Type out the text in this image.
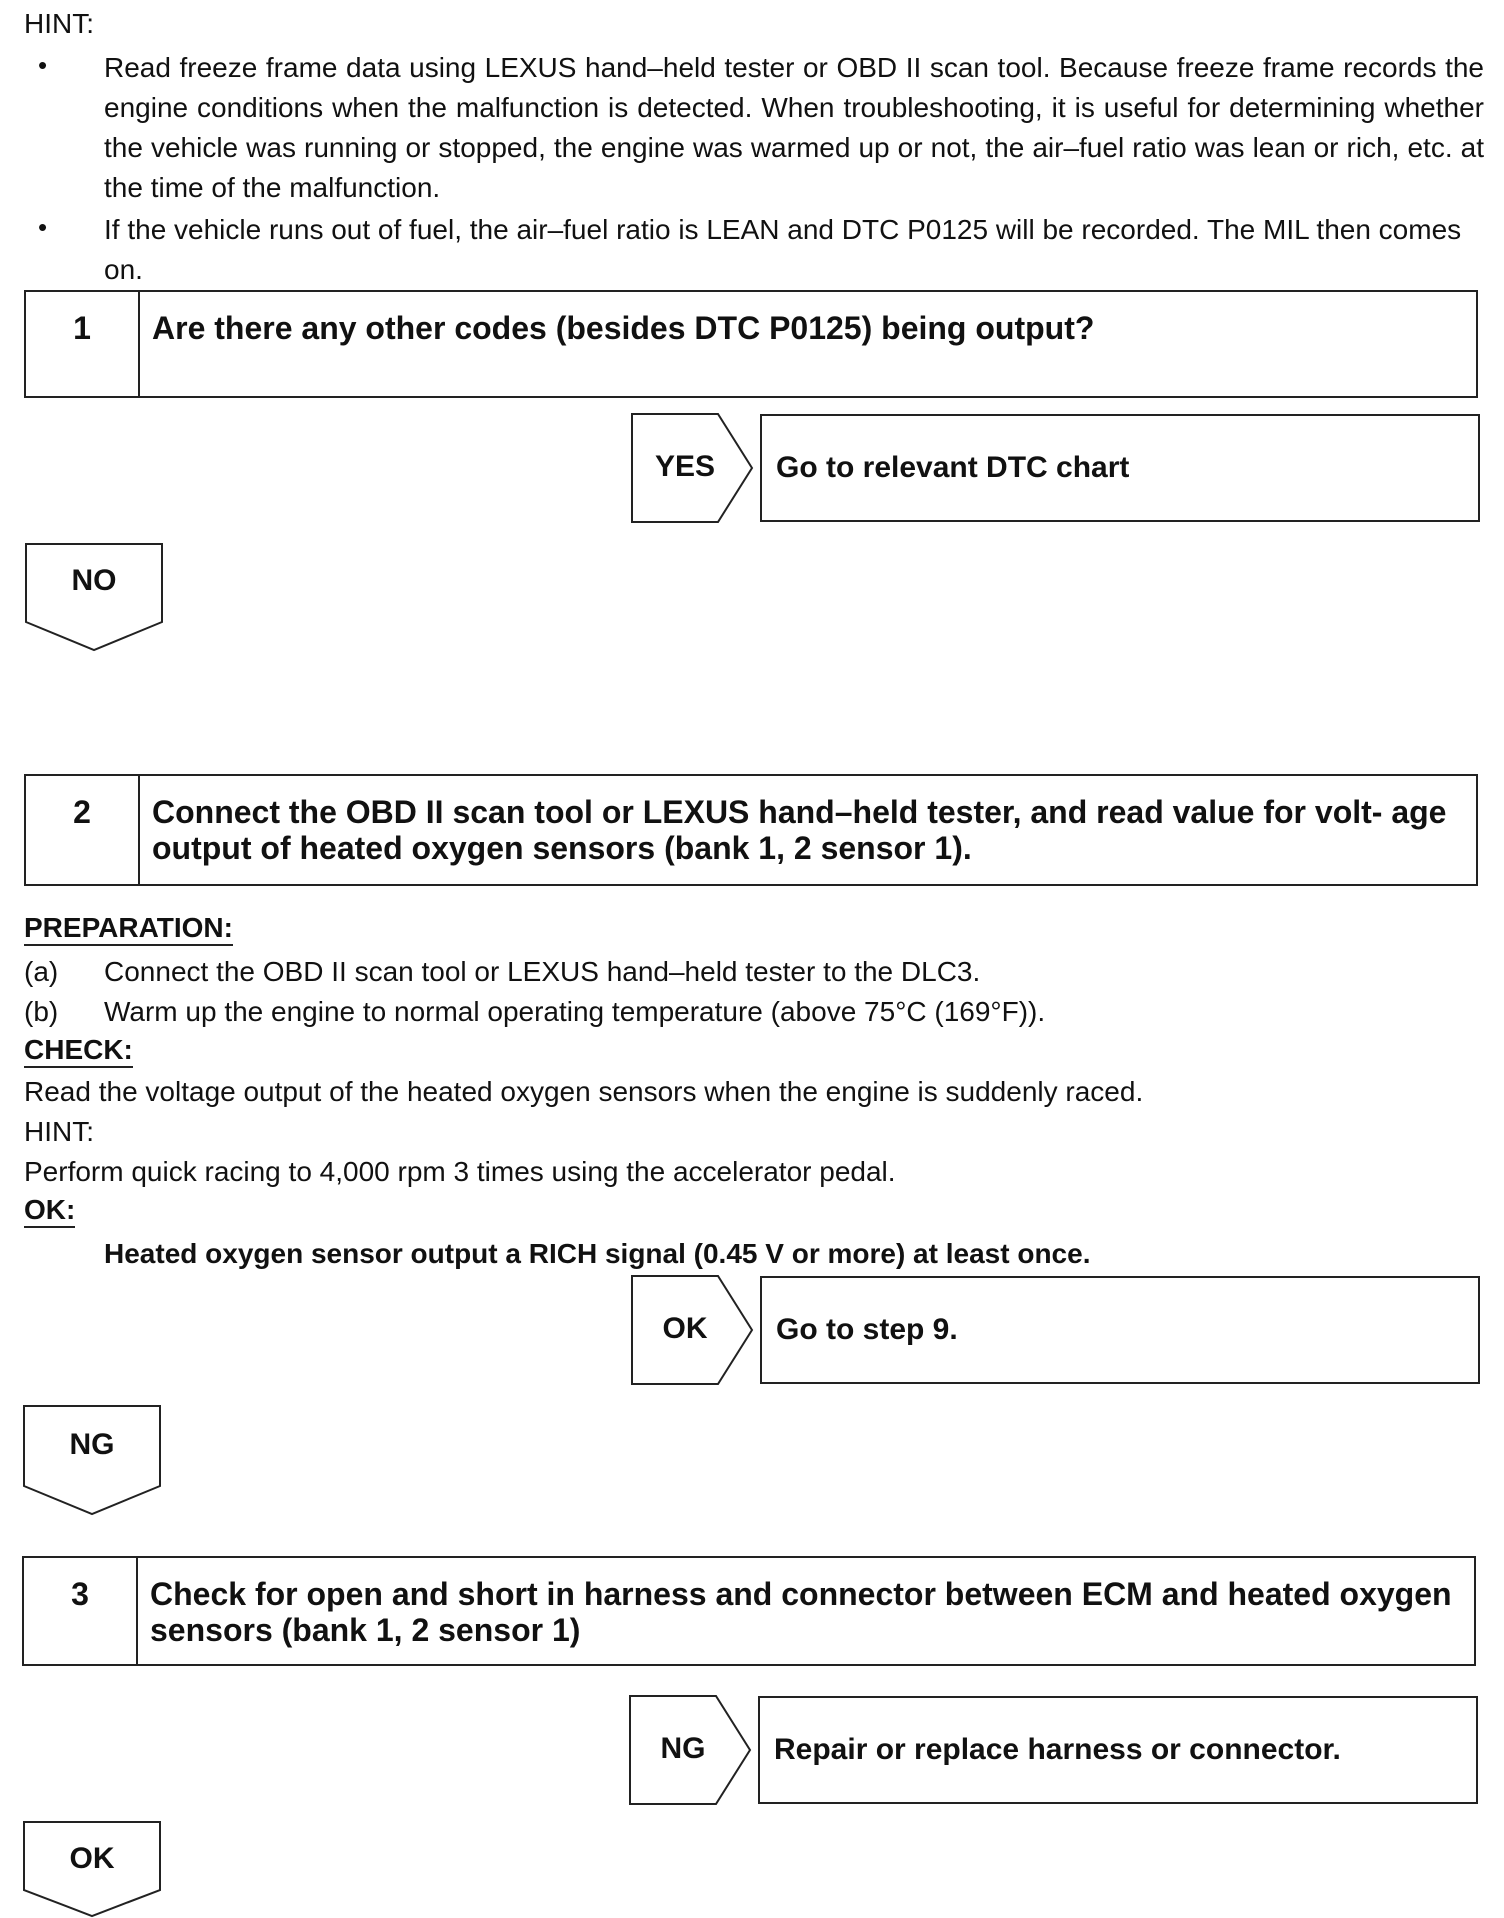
HINT:
• Read freeze frame data using LEXUS hand–held tester or OBD II scan tool. Because freeze frame records the engine conditions when the malfunction is detected. When troubleshooting, it is useful for determining whether the vehicle was running or stopped, the engine was warmed up or not, the air–fuel ratio was lean or rich, etc. at the time of the malfunction.
• If the vehicle runs out of fuel, the air–fuel ratio is LEAN and DTC P0125 will be recorded. The MIL then comes on.
1	Are there any other codes (besides DTC P0125) being output?
YES	Go to relevant DTC chart
NO
2	Connect the OBD II scan tool or LEXUS hand–held tester, and read value for volt- age output of heated oxygen sensors (bank 1, 2 sensor 1).
PREPARATION:
(a) Connect the OBD II scan tool or LEXUS hand–held tester to the DLC3.
(b) Warm up the engine to normal operating temperature (above 75°C (169°F)).
CHECK:
Read the voltage output of the heated oxygen sensors when the engine is suddenly raced.
HINT:
Perform quick racing to 4,000 rpm 3 times using the accelerator pedal.
OK:
Heated oxygen sensor output a RICH signal (0.45 V or more) at least once.
OK	Go to step 9.
NG
3	Check for open and short in harness and connector between ECM and heated oxygen sensors (bank 1, 2 sensor 1)
NG	Repair or replace harness or connector.
OK
